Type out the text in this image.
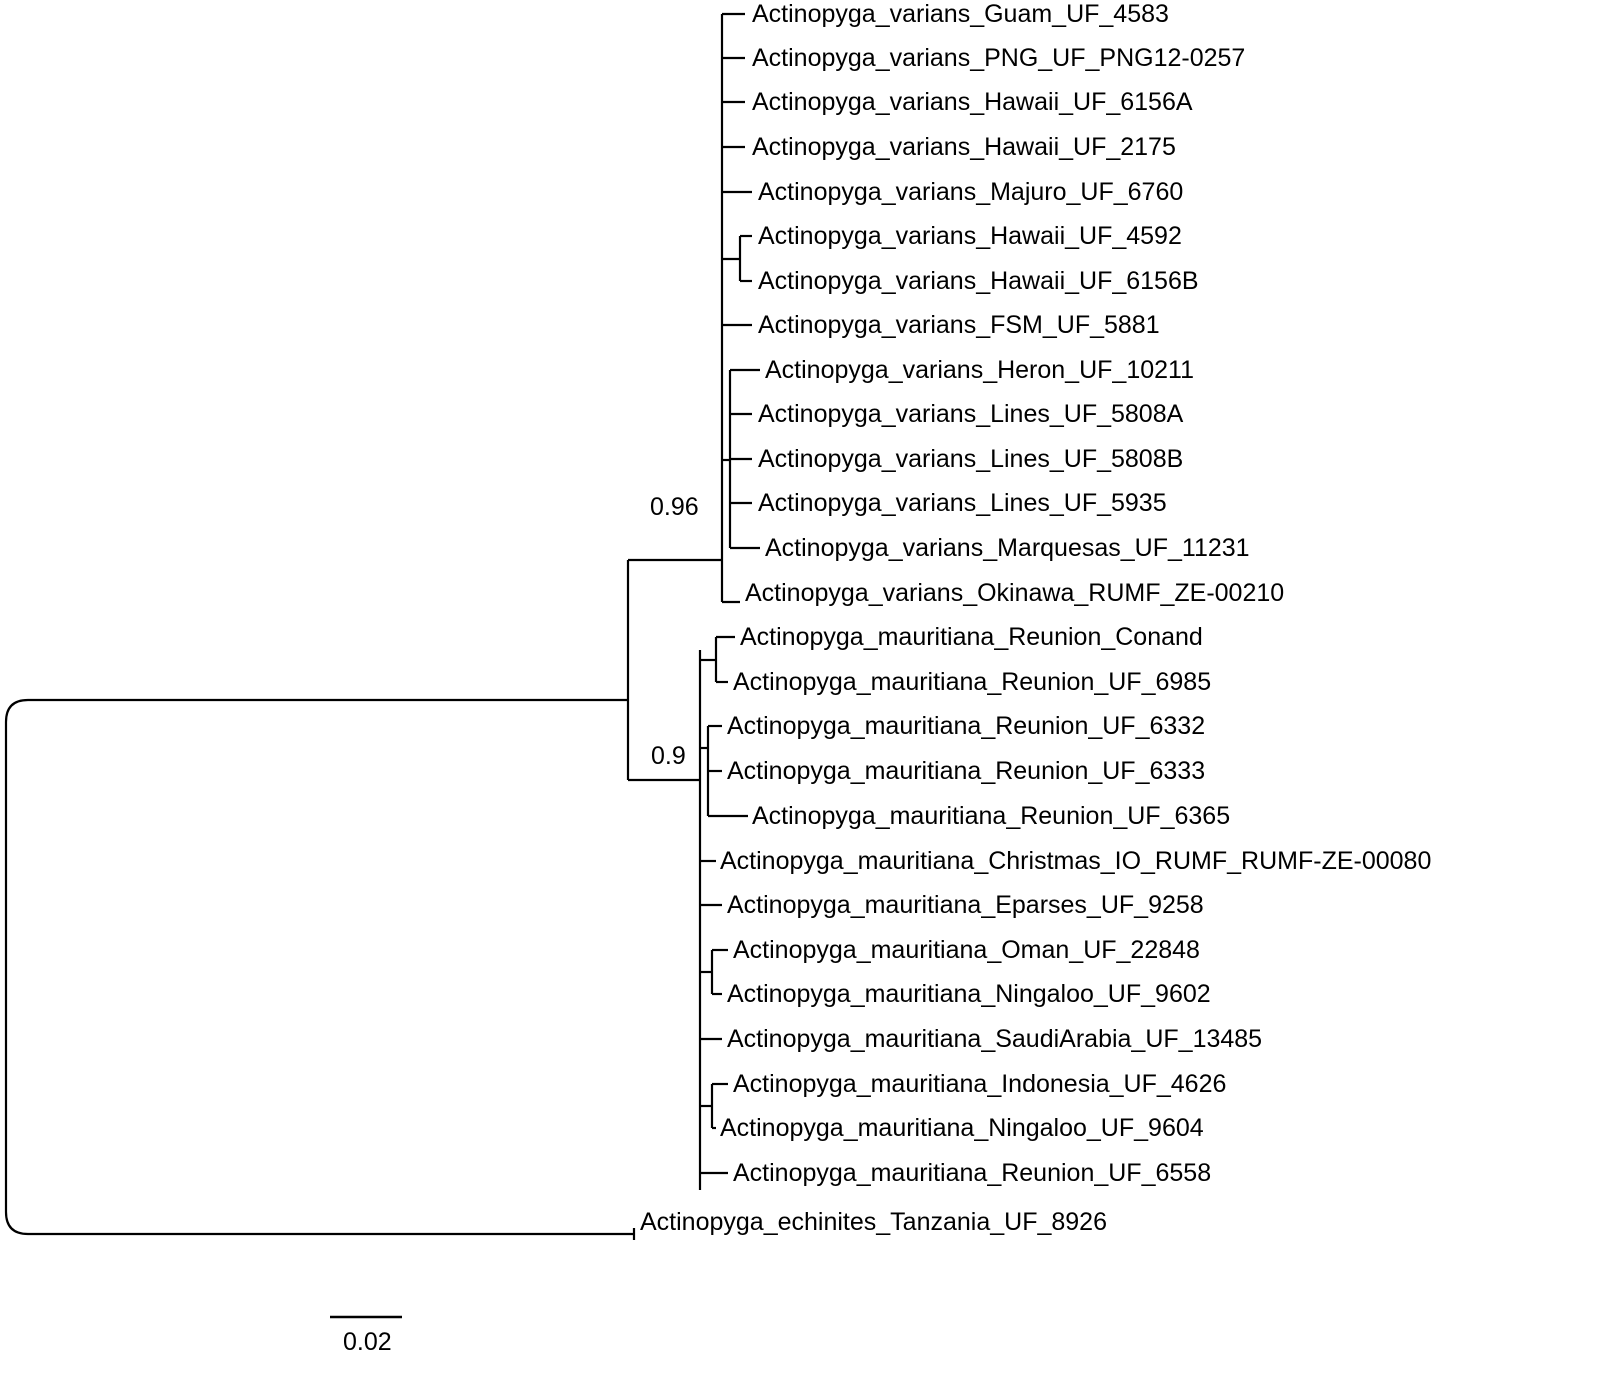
Actinopyga_varians_Guam_UF_4583
Actinopyga_varians_PNG_UF_PNG12-0257
Actinopyga_varians_Hawaii_UF_6156A
Actinopyga_varians_Hawaii_UF_2175
Actinopyga_varians_Majuro_UF_6760
Actinopyga_varians_Hawaii_UF_4592
Actinopyga_varians_Hawaii_UF_6156B
Actinopyga_varians_FSM_UF_5881
Actinopyga_varians_Heron_UF_10211
Actinopyga_varians_Lines_UF_5808A
Actinopyga_varians_Lines_UF_5808B
Actinopyga_varians_Lines_UF_5935
Actinopyga_varians_Marquesas_UF_11231
Actinopyga_varians_Okinawa_RUMF_ZE-00210
Actinopyga_mauritiana_Reunion_Conand
Actinopyga_mauritiana_Reunion_UF_6985
Actinopyga_mauritiana_Reunion_UF_6332
Actinopyga_mauritiana_Reunion_UF_6333
Actinopyga_mauritiana_Reunion_UF_6365
Actinopyga_mauritiana_Christmas_IO_RUMF_RUMF-ZE-00080
Actinopyga_mauritiana_Eparses_UF_9258
Actinopyga_mauritiana_Oman_UF_22848
Actinopyga_mauritiana_Ningaloo_UF_9602
Actinopyga_mauritiana_SaudiArabia_UF_13485
Actinopyga_mauritiana_Indonesia_UF_4626
Actinopyga_mauritiana_Ningaloo_UF_9604
Actinopyga_mauritiana_Reunion_UF_6558
Actinopyga_echinites_Tanzania_UF_8926
0.96
0.9
0.02
